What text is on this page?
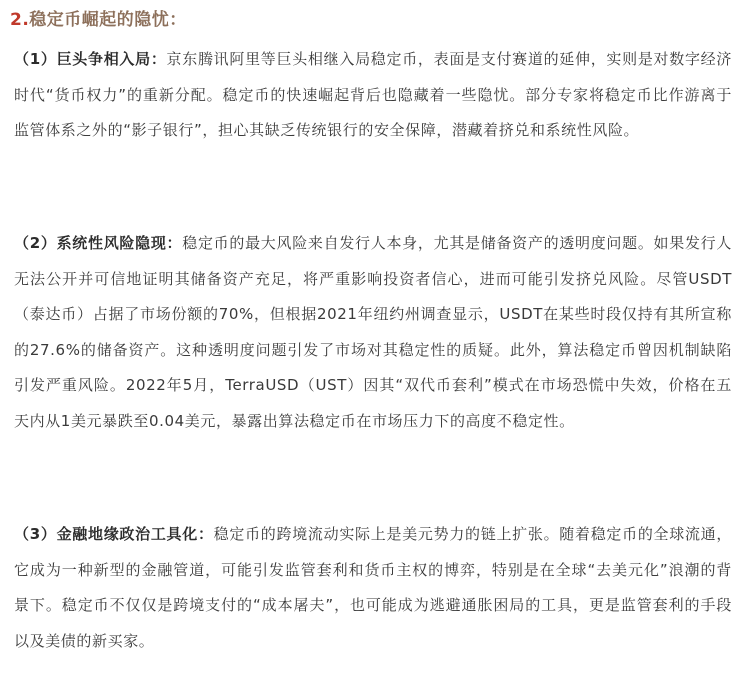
2.稳定币崛起的隐忧：
（1）巨头争相入局：京东腾讯阿里等巨头相继入局稳定币，表面是支付赛道的延伸，实则是对数字经济时代“货币权力”的重新分配。稳定币的快速崛起背后也隐藏着一些隐忧。部分专家将稳定币比作游离于监管体系之外的“影子银行”，担心其缺乏传统银行的安全保障，潜藏着挤兑和系统性风险。
（2）系统性风险隐现：稳定币的最大风险来自发行人本身，尤其是储备资产的透明度问题。如果发行人无法公开并可信地证明其储备资产充足，将严重影响投资者信心，进而可能引发挤兑风险。尽管USDT（泰达币）占据了市场份额的70%，但根据2021年纽约州调查显示，USDT在某些时段仅持有其所宣称的27.6%的储备资产。这种透明度问题引发了市场对其稳定性的质疑。此外，算法稳定币曾因机制缺陷引发严重风险。2022年5月，TerraUSD（UST）因其“双代币套利”模式在市场恐慌中失效，价格在五天内从1美元暴跌至0.04美元，暴露出算法稳定币在市场压力下的高度不稳定性。
（3）金融地缘政治工具化：稳定币的跨境流动实际上是美元势力的链上扩张。随着稳定币的全球流通，它成为一种新型的金融管道，可能引发监管套利和货币主权的博弈，特别是在全球“去美元化”浪潮的背景下。稳定币不仅仅是跨境支付的“成本屠夫”，也可能成为逃避通胀困局的工具，更是监管套利的手段以及美债的新买家。
